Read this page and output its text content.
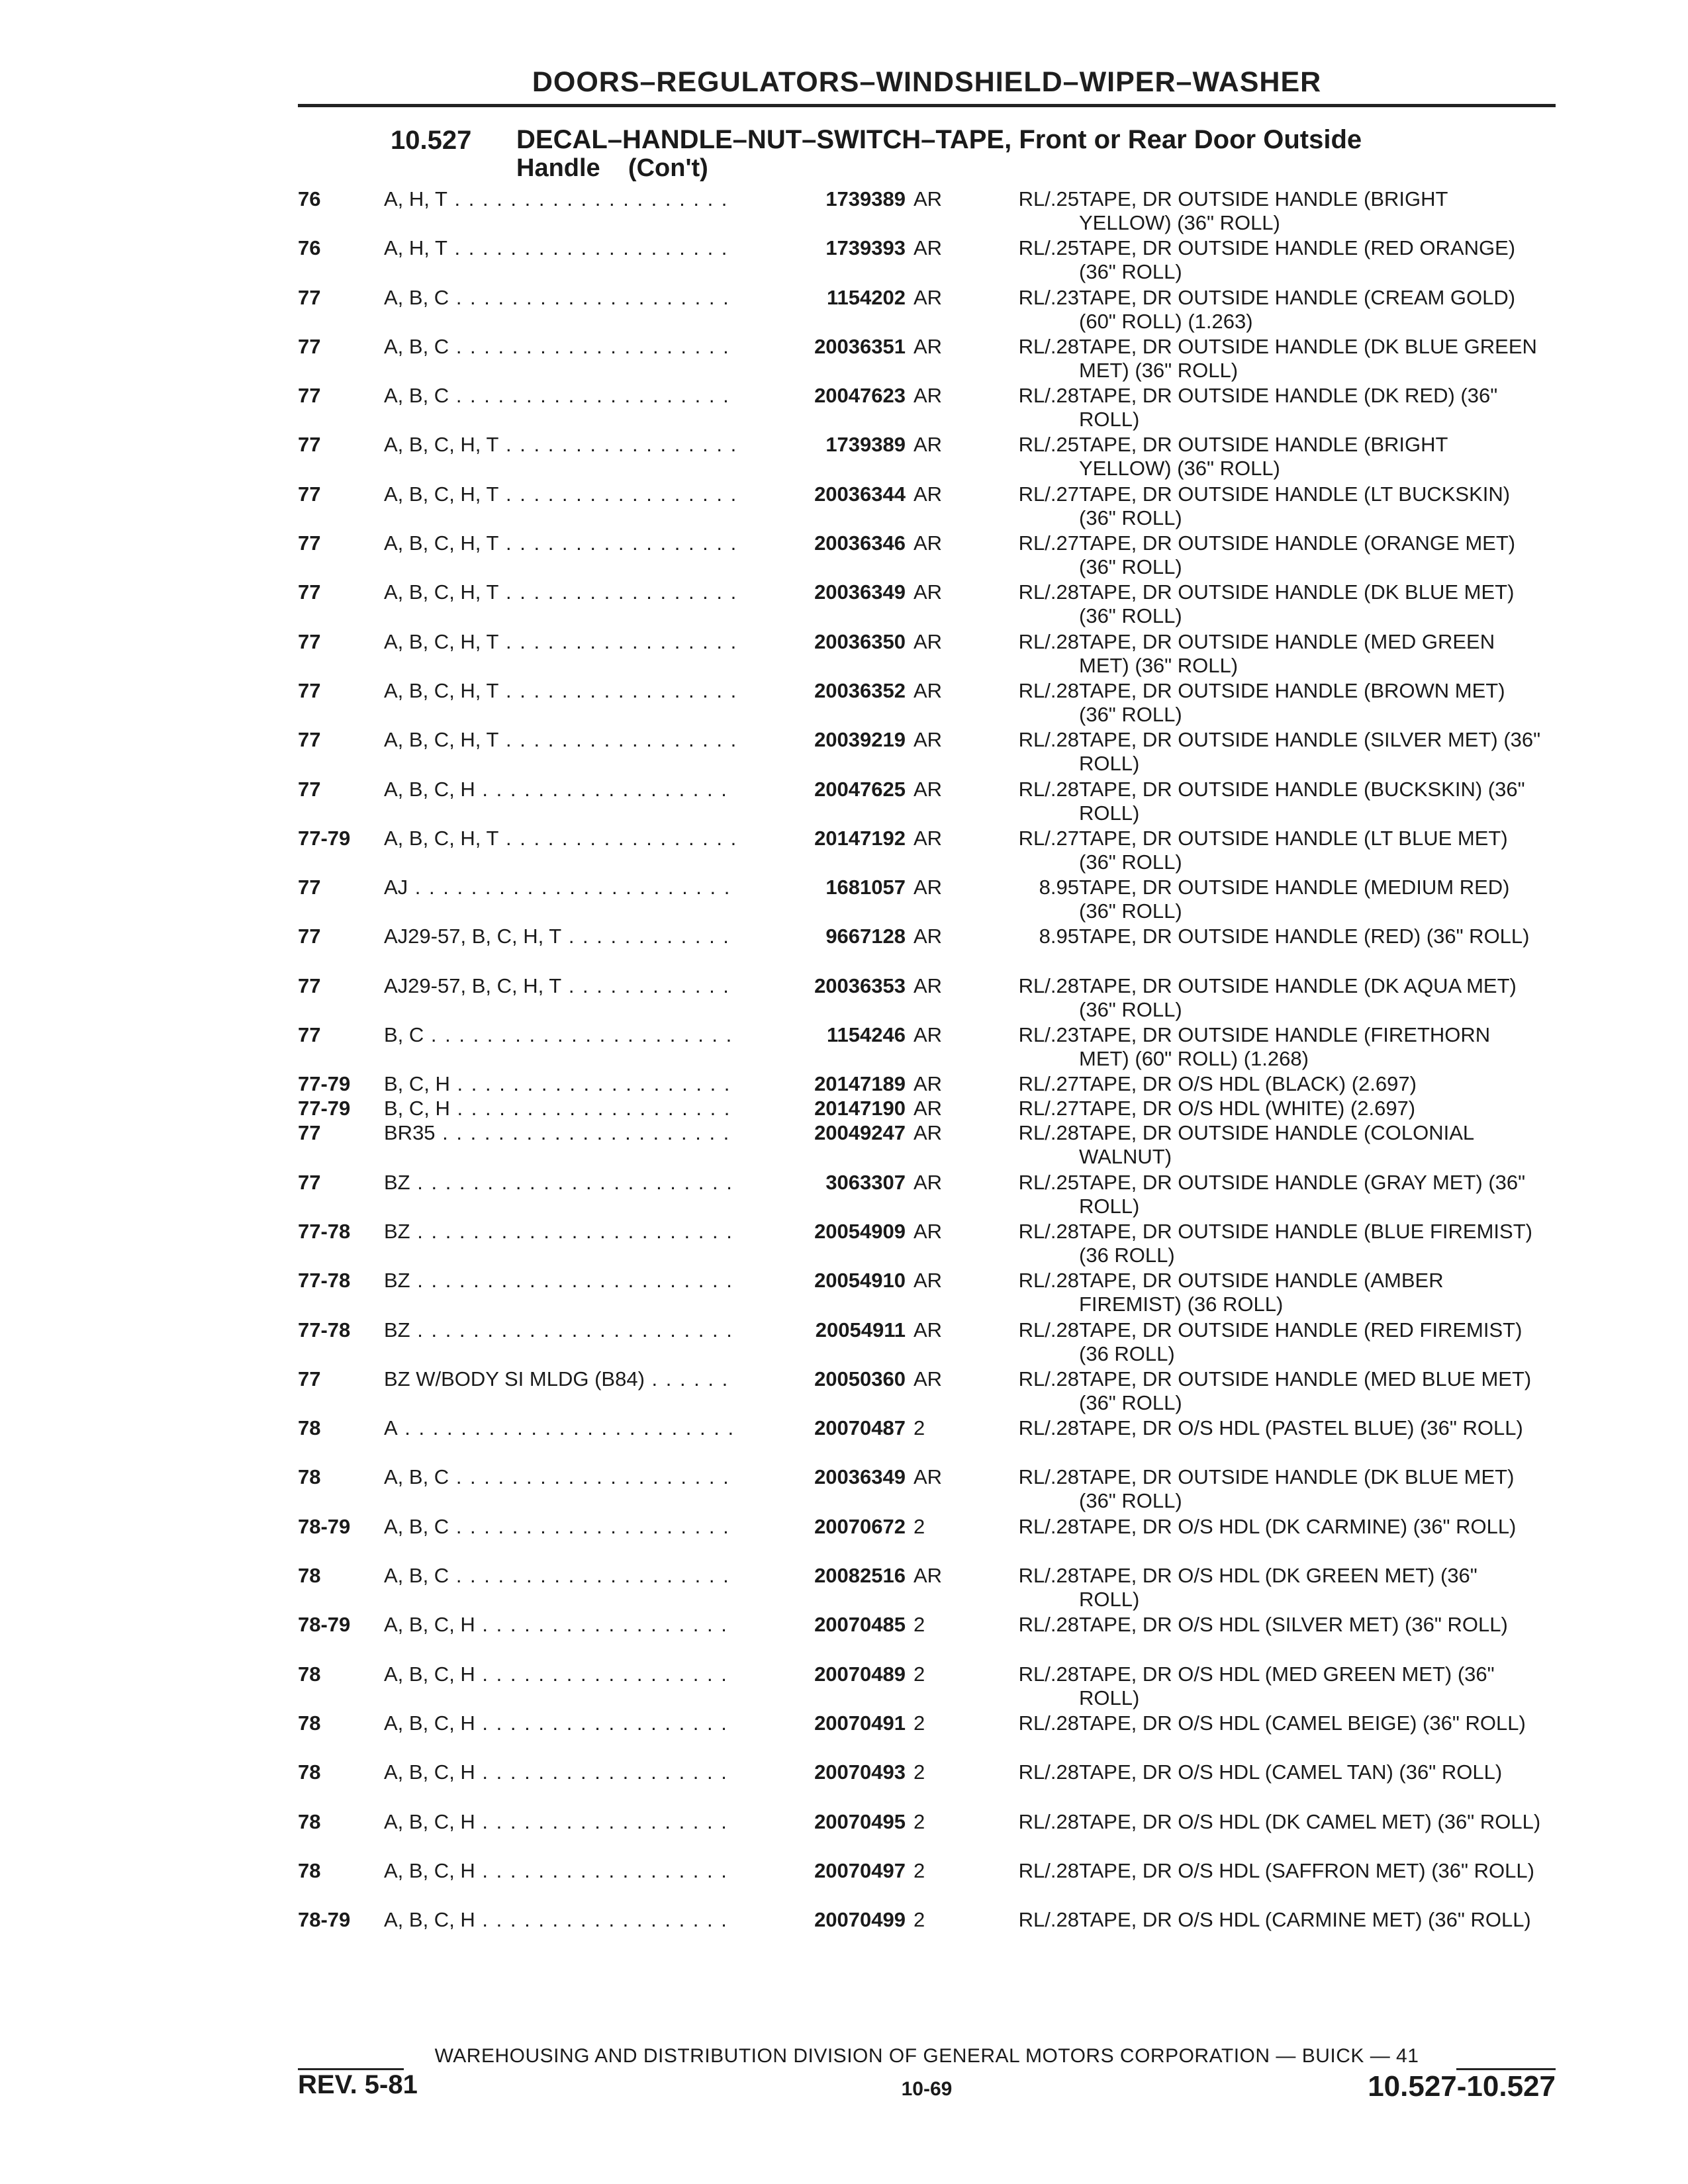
DOORS–REGULATORS–WINDSHIELD–WIPER–WASHER
10.527 DECAL–HANDLE–NUT–SWITCH–TAPE, Front or Rear Door Outside
Handle    (Con't)
76	A, H, T . . .	1739389 AR	RL/.25 TAPE, DR OUTSIDE HANDLE (BRIGHT YELLOW) (36" ROLL)
76	A, H, T . . .	1739393 AR	RL/.25 TAPE, DR OUTSIDE HANDLE (RED ORANGE) (36" ROLL)
77	A, B, C . . .	1154202 AR	RL/.23 TAPE, DR OUTSIDE HANDLE (CREAM GOLD) (60" ROLL) (1.263)
77	A, B, C . . .	20036351 AR	RL/.28 TAPE, DR OUTSIDE HANDLE (DK BLUE GREEN MET) (36" ROLL)
77	A, B, C . . .	20047623 AR	RL/.28 TAPE, DR OUTSIDE HANDLE (DK RED) (36" ROLL)
77	A, B, C, H, T . . .	1739389 AR	RL/.25 TAPE, DR OUTSIDE HANDLE (BRIGHT YELLOW) (36" ROLL)
77	A, B, C, H, T . . .	20036344 AR	RL/.27 TAPE, DR OUTSIDE HANDLE (LT BUCKSKIN) (36" ROLL)
77	A, B, C, H, T . . .	20036346 AR	RL/.27 TAPE, DR OUTSIDE HANDLE (ORANGE MET) (36" ROLL)
77	A, B, C, H, T . . .	20036349 AR	RL/.28 TAPE, DR OUTSIDE HANDLE (DK BLUE MET) (36" ROLL)
77	A, B, C, H, T . . .	20036350 AR	RL/.28 TAPE, DR OUTSIDE HANDLE (MED GREEN MET) (36" ROLL)
77	A, B, C, H, T . . .	20036352 AR	RL/.28 TAPE, DR OUTSIDE HANDLE (BROWN MET) (36" ROLL)
77	A, B, C, H, T . . .	20039219 AR	RL/.28 TAPE, DR OUTSIDE HANDLE (SILVER MET) (36" ROLL)
77	A, B, C, H . . .	20047625 AR	RL/.28 TAPE, DR OUTSIDE HANDLE (BUCKSKIN) (36" ROLL)
77-79	A, B, C, H, T . . .	20147192 AR	RL/.27 TAPE, DR OUTSIDE HANDLE (LT BLUE MET) (36" ROLL)
77	AJ . . .	1681057 AR	8.95 TAPE, DR OUTSIDE HANDLE (MEDIUM RED) (36" ROLL)
77	AJ29-57, B, C, H, T . . .	9667128 AR	8.95 TAPE, DR OUTSIDE HANDLE (RED) (36" ROLL)
77	AJ29-57, B, C, H, T . . .	20036353 AR	RL/.28 TAPE, DR OUTSIDE HANDLE (DK AQUA MET) (36" ROLL)
77	B, C . . .	1154246 AR	RL/.23 TAPE, DR OUTSIDE HANDLE (FIRETHORN MET) (60" ROLL) (1.268)
77-79	B, C, H . . .	20147189 AR	RL/.27 TAPE, DR O/S HDL (BLACK) (2.697)
77-79	B, C, H . . .	20147190 AR	RL/.27 TAPE, DR O/S HDL (WHITE) (2.697)
77	BR35 . . .	20049247 AR	RL/.28 TAPE, DR OUTSIDE HANDLE (COLONIAL WALNUT)
77	BZ . . .	3063307 AR	RL/.25 TAPE, DR OUTSIDE HANDLE (GRAY MET) (36" ROLL)
77-78	BZ . . .	20054909 AR	RL/.28 TAPE, DR OUTSIDE HANDLE (BLUE FIREMIST) (36 ROLL)
77-78	BZ . . .	20054910 AR	RL/.28 TAPE, DR OUTSIDE HANDLE (AMBER FIREMIST) (36 ROLL)
77-78	BZ . . .	20054911 AR	RL/.28 TAPE, DR OUTSIDE HANDLE (RED FIREMIST) (36 ROLL)
77	BZ W/BODY SI MLDG (B84) . . .	20050360 AR	RL/.28 TAPE, DR OUTSIDE HANDLE (MED BLUE MET) (36" ROLL)
78	A . . .	20070487 2	RL/.28 TAPE, DR O/S HDL (PASTEL BLUE) (36" ROLL)
78	A, B, C . . .	20036349 AR	RL/.28 TAPE, DR OUTSIDE HANDLE (DK BLUE MET) (36" ROLL)
78-79	A, B, C . . .	20070672 2	RL/.28 TAPE, DR O/S HDL (DK CARMINE) (36" ROLL)
78	A, B, C . . .	20082516 AR	RL/.28 TAPE, DR O/S HDL (DK GREEN MET) (36" ROLL)
78-79	A, B, C, H . . .	20070485 2	RL/.28 TAPE, DR O/S HDL (SILVER MET) (36" ROLL)
78	A, B, C, H . . .	20070489 2	RL/.28 TAPE, DR O/S HDL (MED GREEN MET) (36" ROLL)
78	A, B, C, H . . .	20070491 2	RL/.28 TAPE, DR O/S HDL (CAMEL BEIGE) (36" ROLL)
78	A, B, C, H . . .	20070493 2	RL/.28 TAPE, DR O/S HDL (CAMEL TAN) (36" ROLL)
78	A, B, C, H . . .	20070495 2	RL/.28 TAPE, DR O/S HDL (DK CAMEL MET) (36" ROLL)
78	A, B, C, H . . .	20070497 2	RL/.28 TAPE, DR O/S HDL (SAFFRON MET) (36" ROLL)
78-79	A, B, C, H . . .	20070499 2	RL/.28 TAPE, DR O/S HDL (CARMINE MET) (36" ROLL)
WAREHOUSING AND DISTRIBUTION DIVISION OF GENERAL MOTORS CORPORATION — BUICK — 41
REV. 5-81	10-69	10.527-10.527
